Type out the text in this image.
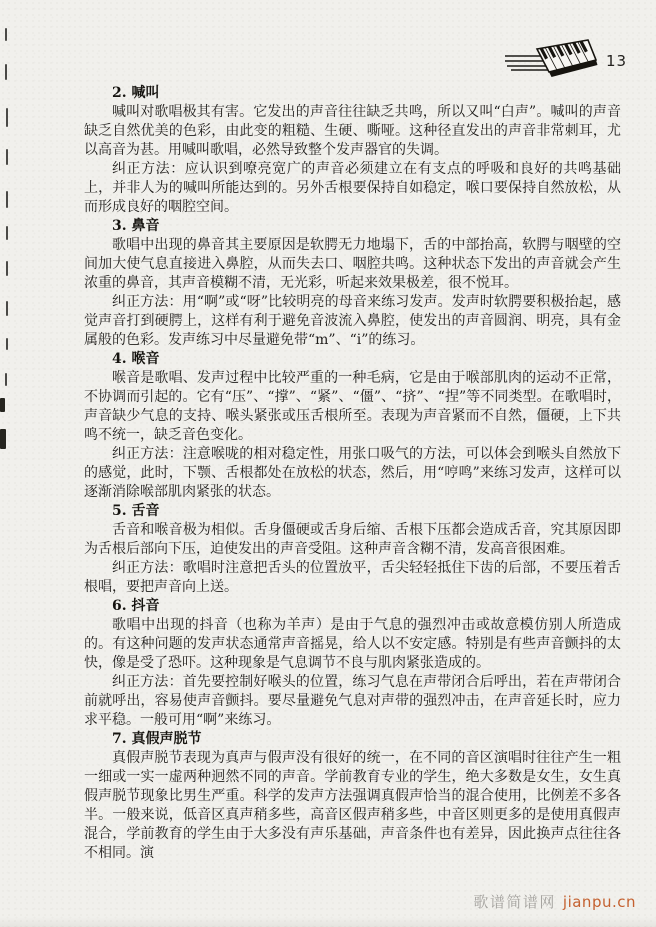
13
2. 喊叫

喊叫对歌唱极其有害。它发出的声音往往缺乏共鸣，所以又叫“白声”。喊叫的声音缺乏自然优美的色彩，由此变的粗糙、生硬、嘶哑。这种径直发出的声音非常刺耳，尤以高音为甚。用喊叫歌唱，必然导致整个发声器官的失调。

纠正方法：应认识到嘹亮宽广的声音必须建立在有支点的呼吸和良好的共鸣基础上，并非人为的喊叫所能达到的。另外舌根要保持自如稳定，喉口要保持自然放松，从而形成良好的咽腔空间。

3. 鼻音

歌唱中出现的鼻音其主要原因是软腭无力地塌下，舌的中部抬高，软腭与咽壁的空间加大使气息直接进入鼻腔，从而失去口、咽腔共鸣。这种状态下发出的声音就会产生浓重的鼻音，其声音模糊不清，无光彩，听起来效果极差，很不悦耳。

纠正方法：用“啊”或“呀”比较明亮的母音来练习发声。发声时软腭要积极抬起，感觉声音打到硬腭上，这样有利于避免音波流入鼻腔，使发出的声音圆润、明亮，具有金属般的色彩。发声练习中尽量避免带“m”、“i”的练习。

4. 喉音

喉音是歌唱、发声过程中比较严重的一种毛病，它是由于喉部肌肉的运动不正常，不协调而引起的。它有“压”、“撑”、“紧”、“僵”、“挤”、“捏”等不同类型。在歌唱时，声音缺少气息的支持、喉头紧张或压舌根所至。表现为声音紧而不自然，僵硬，上下共鸣不统一，缺乏音色变化。

纠正方法：注意喉咙的相对稳定性，用张口吸气的方法，可以体会到喉头自然放下的感觉，此时，下颚、舌根都处在放松的状态，然后，用“哼鸣”来练习发声，这样可以逐渐消除喉部肌肉紧张的状态。

5. 舌音

舌音和喉音极为相似。舌身僵硬或舌身后缩、舌根下压都会造成舌音，究其原因即为舌根后部向下压，迫使发出的声音受阻。这种声音含糊不清，发高音很困难。

纠正方法：歌唱时注意把舌头的位置放平，舌尖轻轻抵住下齿的后部，不要压着舌根唱，要把声音向上送。

6. 抖音

歌唱中出现的抖音（也称为羊声）是由于气息的强烈冲击或故意模仿别人所造成的。有这种问题的发声状态通常声音摇晃，给人以不安定感。特别是有些声音颤抖的太快，像是受了恐吓。这种现象是气息调节不良与肌肉紧张造成的。

纠正方法：首先要控制好喉头的位置，练习气息在声带闭合后呼出，若在声带闭合前就呼出，容易使声音颤抖。要尽量避免气息对声带的强烈冲击，在声音延长时，应力求平稳。一般可用“啊”来练习。

7. 真假声脱节

真假声脱节表现为真声与假声没有很好的统一，在不同的音区演唱时往往产生一粗一细或一实一虚两种迥然不同的声音。学前教育专业的学生，绝大多数是女生，女生真假声脱节现象比男生严重。科学的发声方法强调真假声恰当的混合使用，比例差不多各半。一般来说，低音区真声稍多些，高音区假声稍多些，中音区则更多的是使用真假声混合，学前教育的学生由于大多没有声乐基础，声音条件也有差异，因此换声点往往各不相同。演

歌谱简谱网 jianpu.cn
